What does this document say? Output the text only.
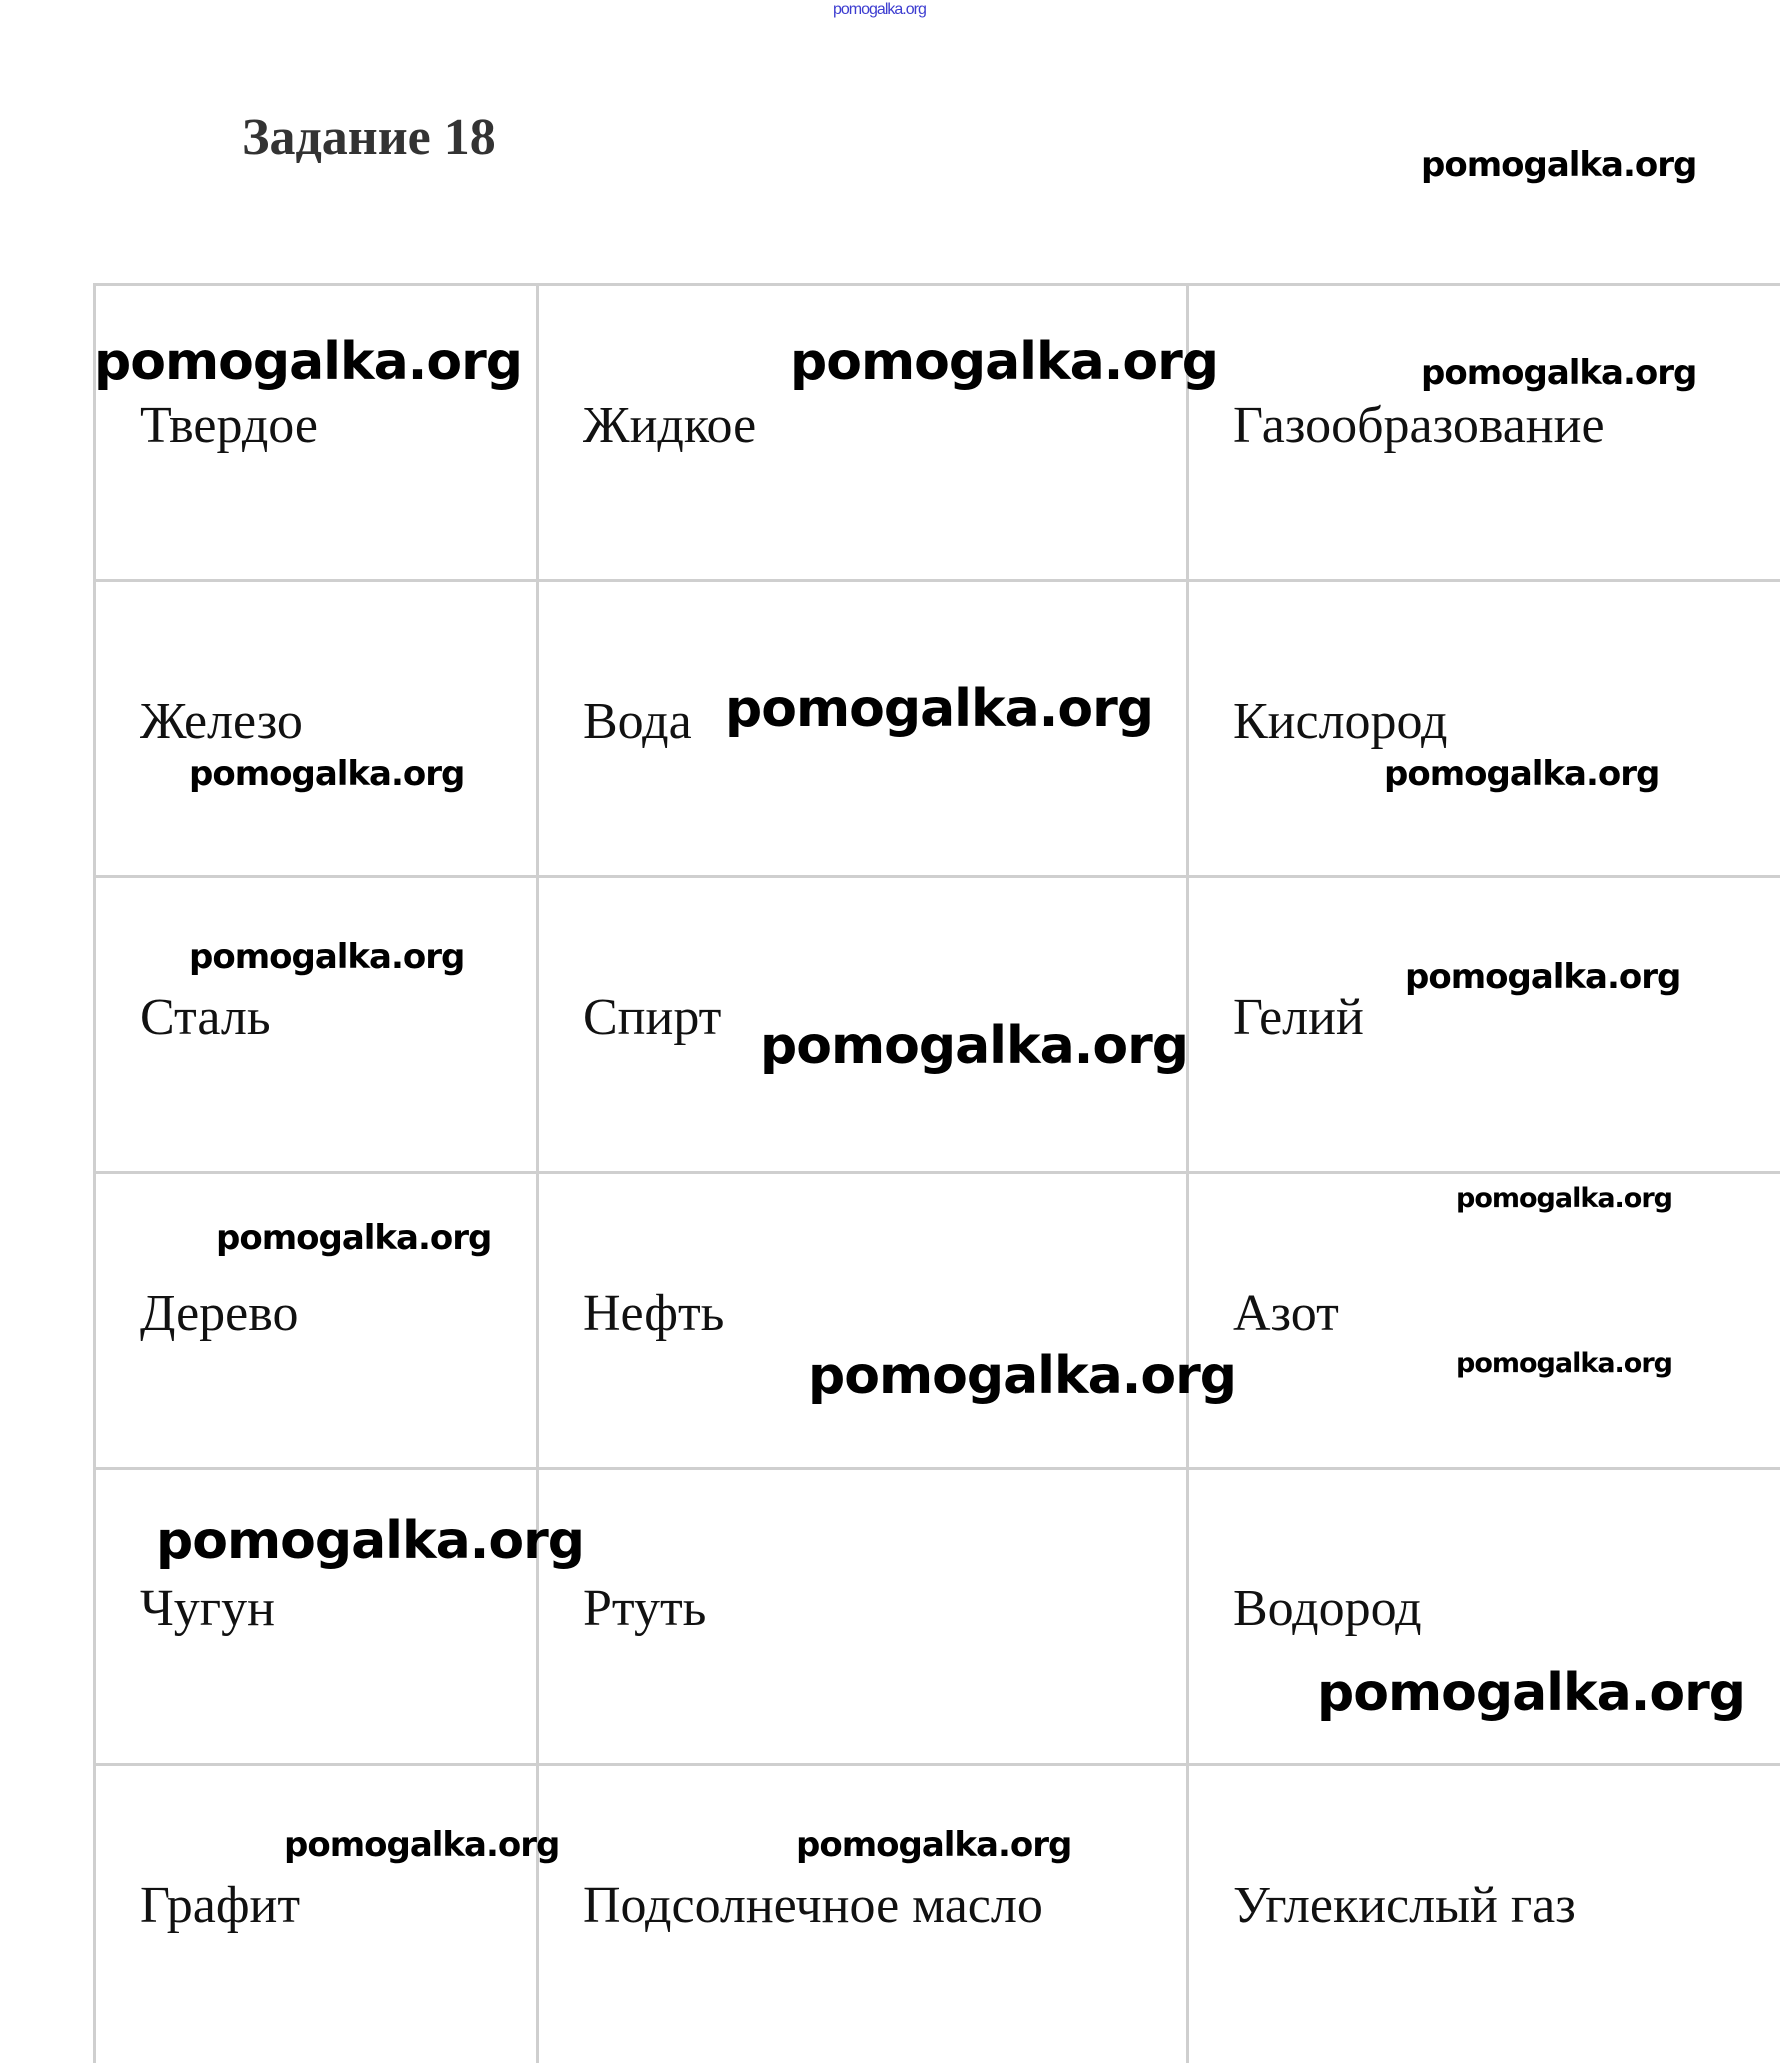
pomogalka.org
Задание 18	pomogalka.org
Твердое	Жидкое	Газообразование
Железо	Вода	Кислород
Сталь	Спирт	Гелий
Дерево	Нефть	Азот
Чугун	Ртуть	Водород
Графит	Подсолнечное масло	Углекислый газ
pomogalka.org	pomogalka.org	pomogalka.org
pomogalka.org
pomogalka.org
pomogalka.org
pomogalka.org
pomogalka.org
pomogalka.org
pomogalka.org
pomogalka.org
pomogalka.org
pomogalka.org
pomogalka.org
pomogalka.org
pomogalka.org	pomogalka.org
